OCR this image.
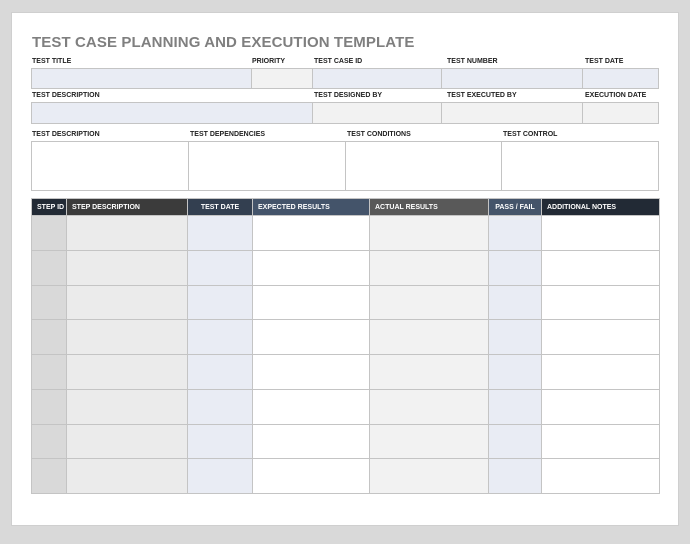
TEST CASE PLANNING AND EXECUTION TEMPLATE
TEST TITLE	PRIORITY	TEST CASE ID	TEST NUMBER	TEST DATE
TEST DESCRIPTION	TEST DESIGNED BY	TEST EXECUTED BY	EXECUTION DATE
TEST DESCRIPTION	TEST DEPENDENCIES	TEST CONDITIONS	TEST CONTROL
STEP ID	STEP DESCRIPTION	TEST DATE	EXPECTED RESULTS	ACTUAL RESULTS	PASS / FAIL	ADDITIONAL NOTES
